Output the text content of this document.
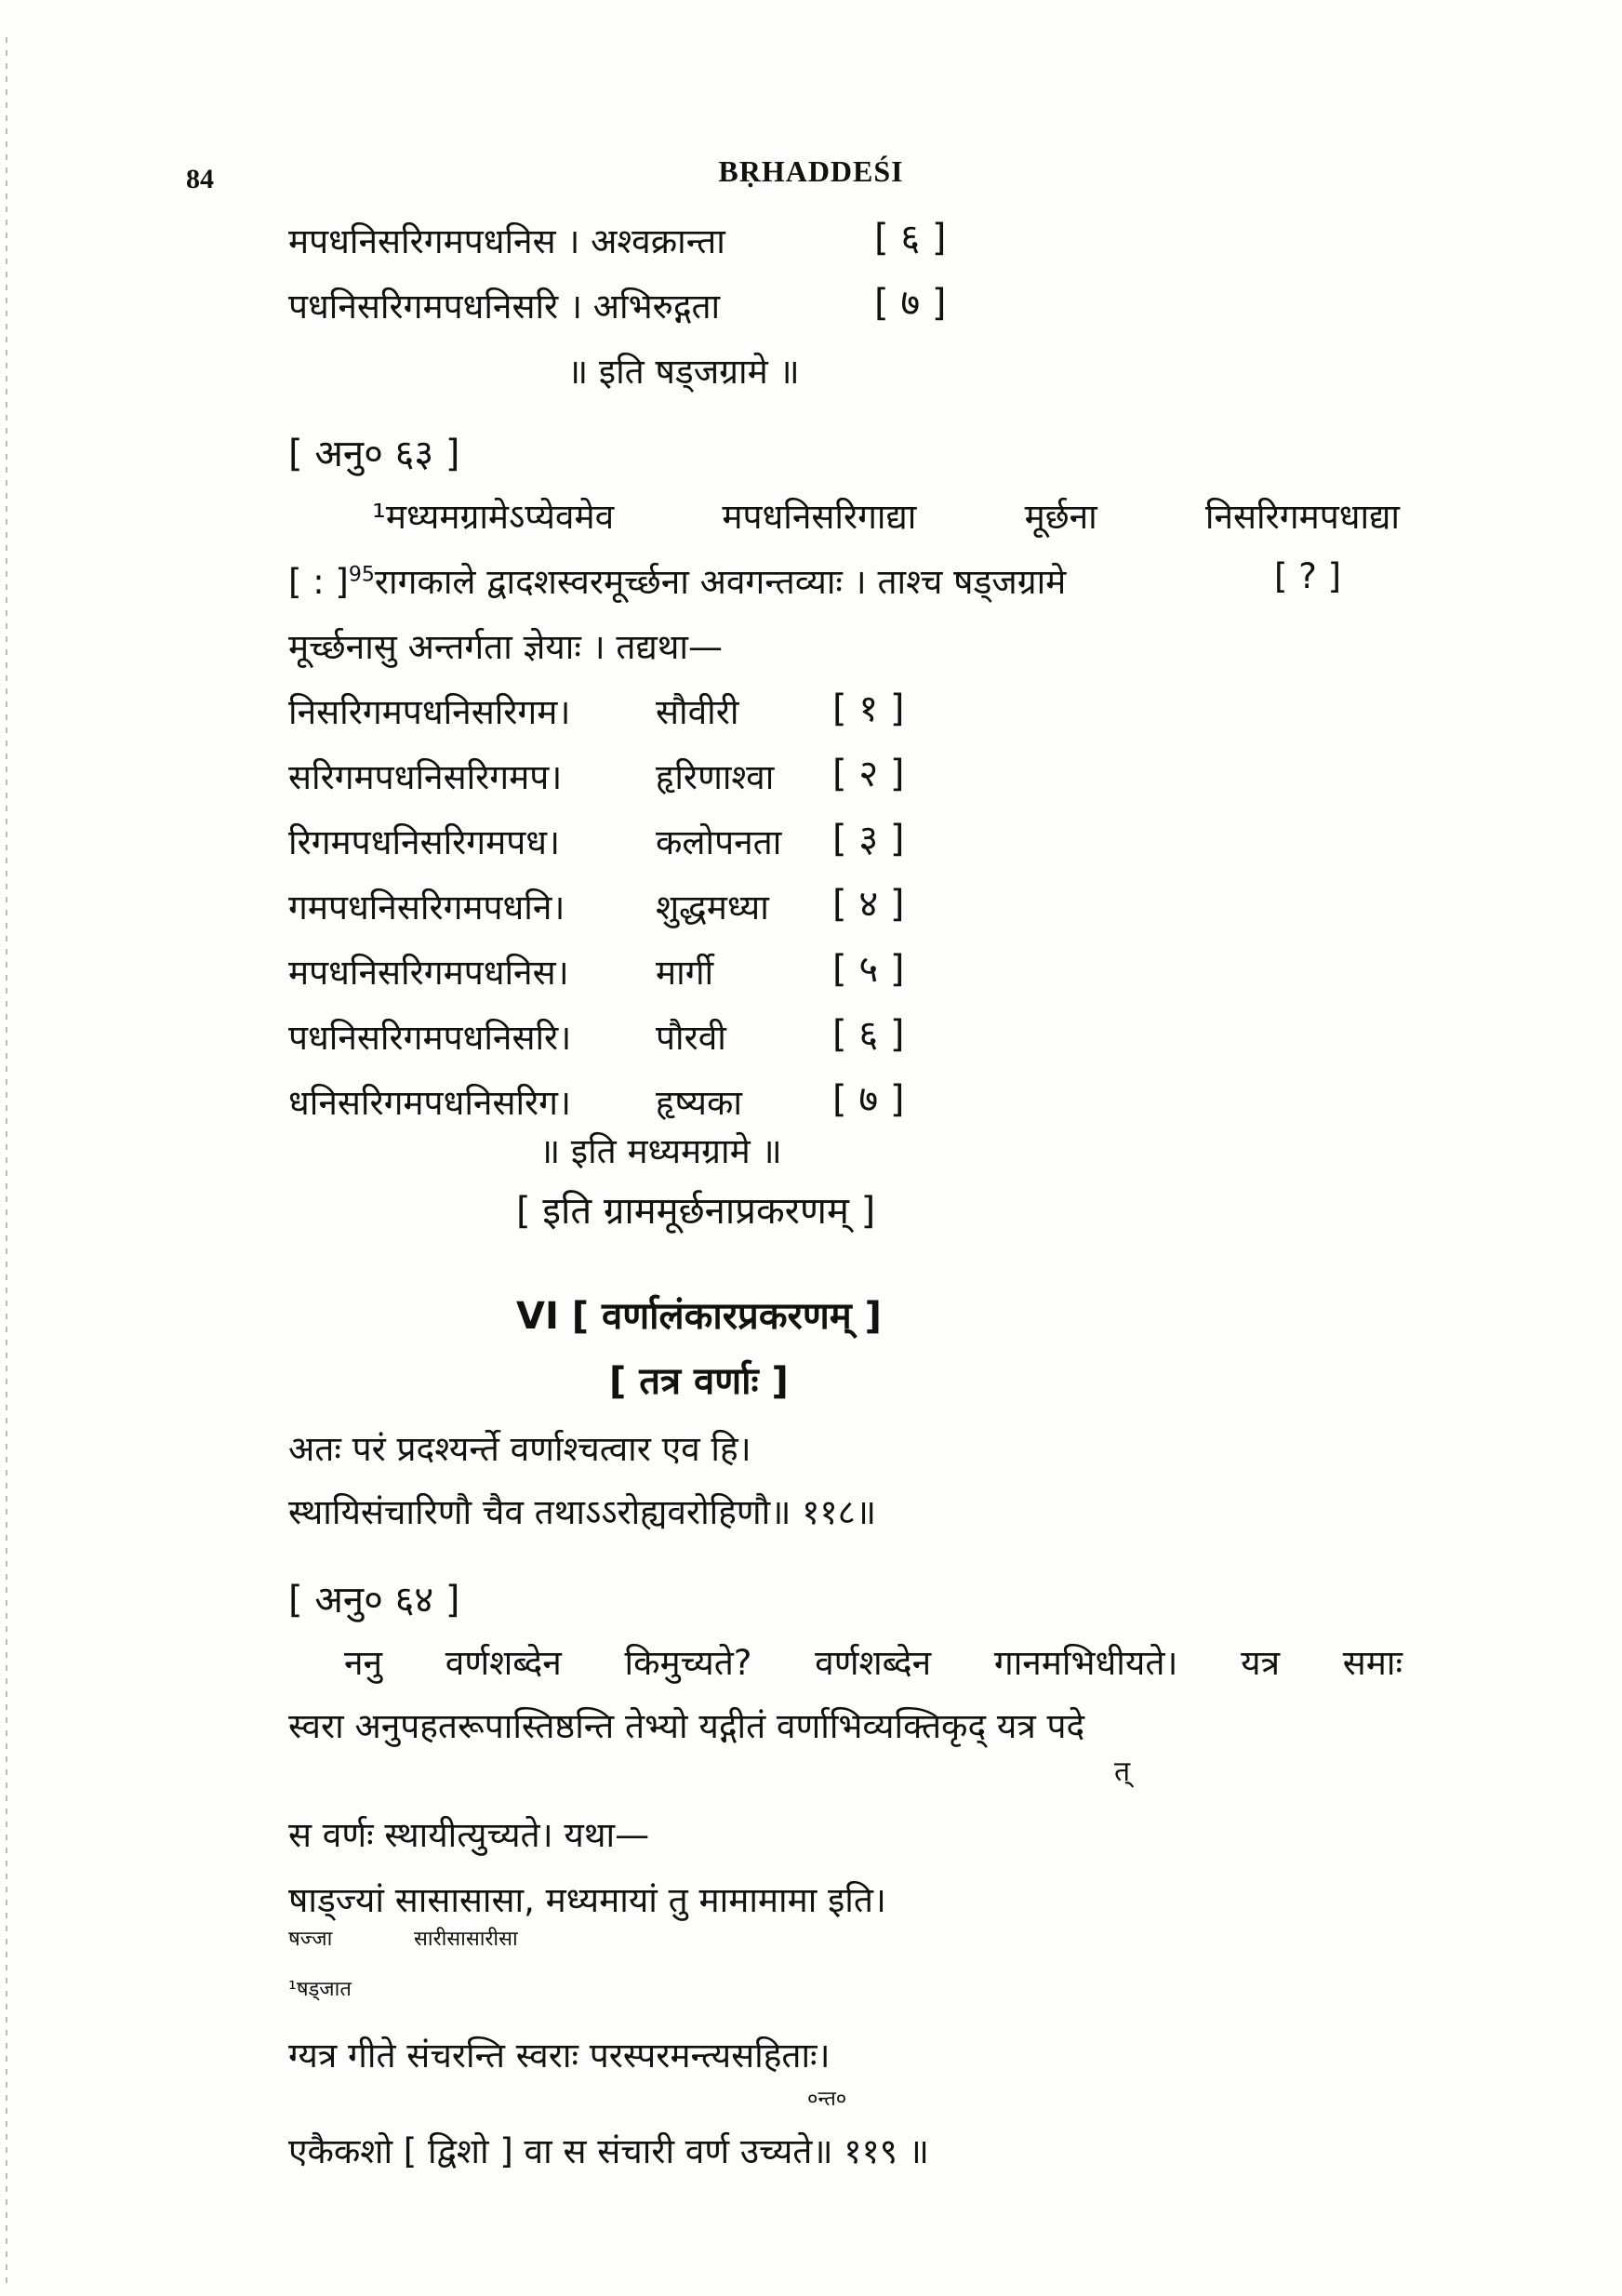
84	BṚHADDEŚI
मपधनिसरिगमपधनिस । अश्वक्रान्ता	[ ६ ]
पधनिसरिगमपधनिसरि । अभिरुद्गता	[ ७ ]
॥ इति षड्जग्रामे ॥
[ अनु० ६३ ]
¹मध्यमग्रामेऽप्येवमेव	मपधनिसरिगाद्या	मूर्छना	निसरिगमपधाद्या
[ : ]$^{95}$रागकाले द्वादशस्वरमूर्च्छना अवगन्तव्याः । ताश्च षड्जग्रामे	[ ? ]
मूर्च्छनासु अन्तर्गता ज्ञेयाः । तद्यथा—
निसरिगमपधनिसरिगम। सौवीरी	[ १ ]
सरिगमपधनिसरिगमप।	हृरिणाश्वा [ २ ]
रिगमपधनिसरिगमपध।	कलोपनता [ ३ ]
गमपधनिसरिगमपधनि।	शुद्धमध्या [ ४ ]
मपधनिसरिगमपधनिस।	मार्गी	[ ५ ]
पधनिसरिगमपधनिसरि। पौरवी	[ ६ ]
धनिसरिगमपधनिसरिग। हृष्यका [ ७ ]
॥ इति मध्यमग्रामे ॥
[ इति ग्राममूर्छनाप्रकरणम् ]
VI [ वर्णालंकारप्रकरणम् ]
[ तत्र वर्णाः ]
अतः परं प्रदश्यर्न्ते वर्णाश्चत्वार एव हि।
स्थायिसंचारिणौ चैव तथाऽऽरोह्यवरोहिणौ॥ ११८॥
[ अनु० ६४ ]
ननु वर्णशब्देन किमुच्यते? वर्णशब्देन गानमभिधीयते। यत्र समाः
स्वरा अनुपहतरूपास्तिष्ठन्ति तेभ्यो यद्गीतं वर्णाभिव्यक्तिकृद् यत्र पदे
त्
स वर्णः स्थायीत्युच्यते। यथा—
षाड्ज्यां सासासासा, मध्यमायां तु मामामामा इति।
षज्जा	सारीसासारीसा
¹षड्जात
ग्यत्र गीते संचरन्ति स्वराः परस्परमन्त्यसहिताः।
०न्त०
एकैकशो [ द्विशो ] वा स संचारी वर्ण उच्यते॥ ११९ ॥
